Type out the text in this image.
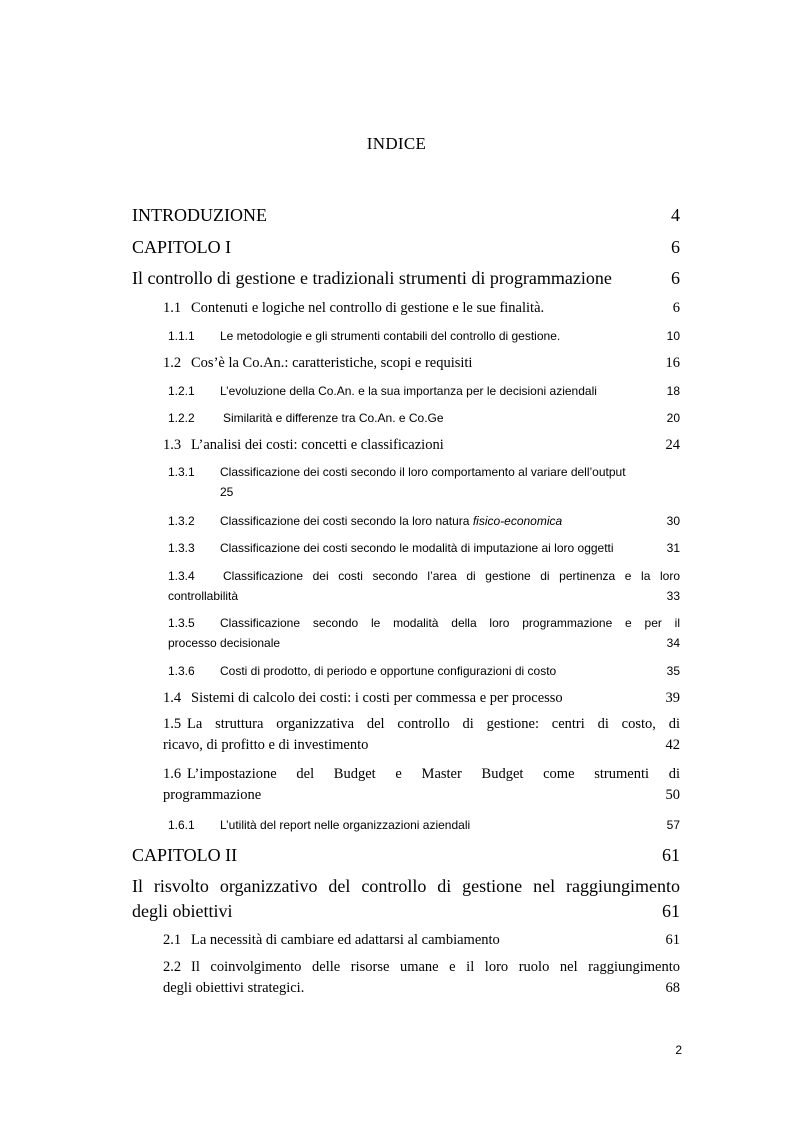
INDICE
INTRODUZIONE	4
CAPITOLO I	6
Il controllo di gestione e tradizionali strumenti di programmazione	6
1.1 Contenuti e logiche nel controllo di gestione e le sue finalità.	6
1.1.1	Le metodologie e gli strumenti contabili del controllo di gestione.	10
1.2 Cos’è la Co.An.: caratteristiche, scopi e requisiti	16
1.2.1	L’evoluzione della Co.An. e la sua importanza per le decisioni aziendali	18
1.2.2	Similarità e differenze tra Co.An. e Co.Ge	20
1.3 L’analisi dei costi: concetti e classificazioni	24
1.3.1 Classificazione dei costi secondo il loro comportamento al variare dell’output
25
1.3.2	Classificazione dei costi secondo la loro natura fisico-economica	30
1.3.3	Classificazione dei costi secondo le modalità di imputazione ai loro oggetti	31
1.3.4	Classificazione dei costi secondo l’area di gestione di pertinenza e la loro
controllabilità	33
1.3.5	Classificazione secondo le modalità della loro programmazione e per il
processo decisionale	34
1.3.6	Costi di prodotto, di periodo e opportune configurazioni di costo	35
1.4 Sistemi di calcolo dei costi: i costi per commessa e per processo	39
1.5 La struttura organizzativa del controllo di gestione: centri di costo, di
ricavo, di profitto e di investimento	42
1.6 L’impostazione del Budget e Master Budget come strumenti di
programmazione	50
1.6.1	L’utilità del report nelle organizzazioni aziendali	57
CAPITOLO II	61
Il risvolto organizzativo del controllo di gestione nel raggiungimento
degli obiettivi	61
2.1 La necessità di cambiare ed adattarsi al cambiamento	61
2.2 Il coinvolgimento delle risorse umane e il loro ruolo nel raggiungimento
degli obiettivi strategici.	68
2
